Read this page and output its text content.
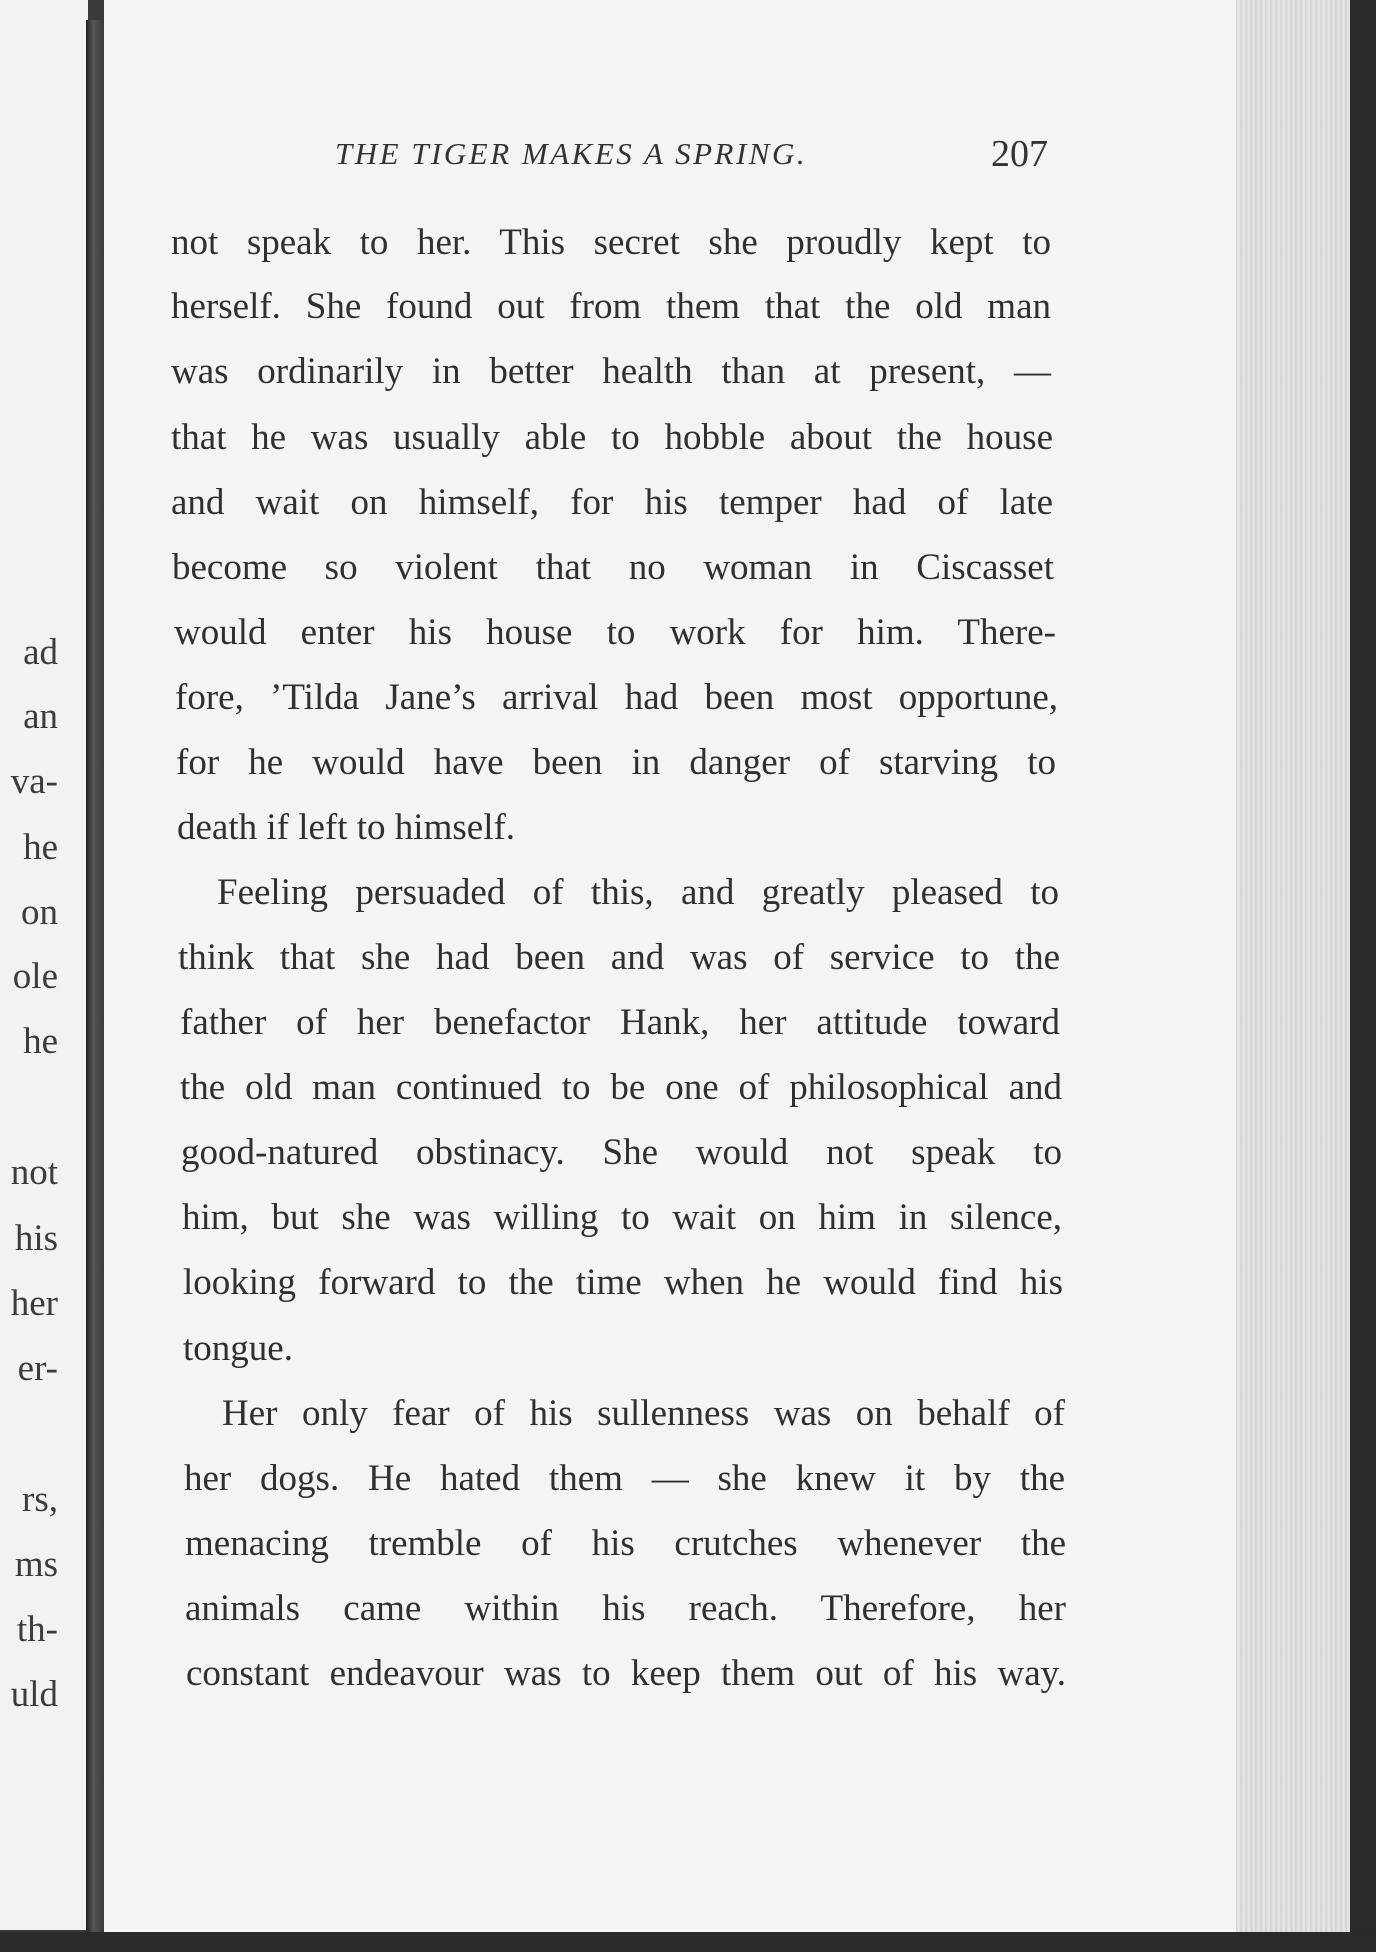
ad
an
va-
he
on
ole
he
not
his
her
er-
rs,
ms
th-
uld
THE TIGER MAKES A SPRING.	207
not speak to her. This secret she proudly kept to
herself. She found out from them that the old man
was ordinarily in better health than at present, —
that he was usually able to hobble about the house
and wait on himself, for his temper had of late
become so violent that no woman in Ciscasset
would enter his house to work for him. There-
fore, ’Tilda Jane’s arrival had been most opportune,
for he would have been in danger of starving to
death if left to himself.
Feeling persuaded of this, and greatly pleased to
think that she had been and was of service to the
father of her benefactor Hank, her attitude toward
the old man continued to be one of philosophical and
good-natured obstinacy. She would not speak to
him, but she was willing to wait on him in silence,
looking forward to the time when he would find his
tongue.
Her only fear of his sullenness was on behalf of
her dogs. He hated them — she knew it by the
menacing tremble of his crutches whenever the
animals came within his reach. Therefore, her
constant endeavour was to keep them out of his way.
